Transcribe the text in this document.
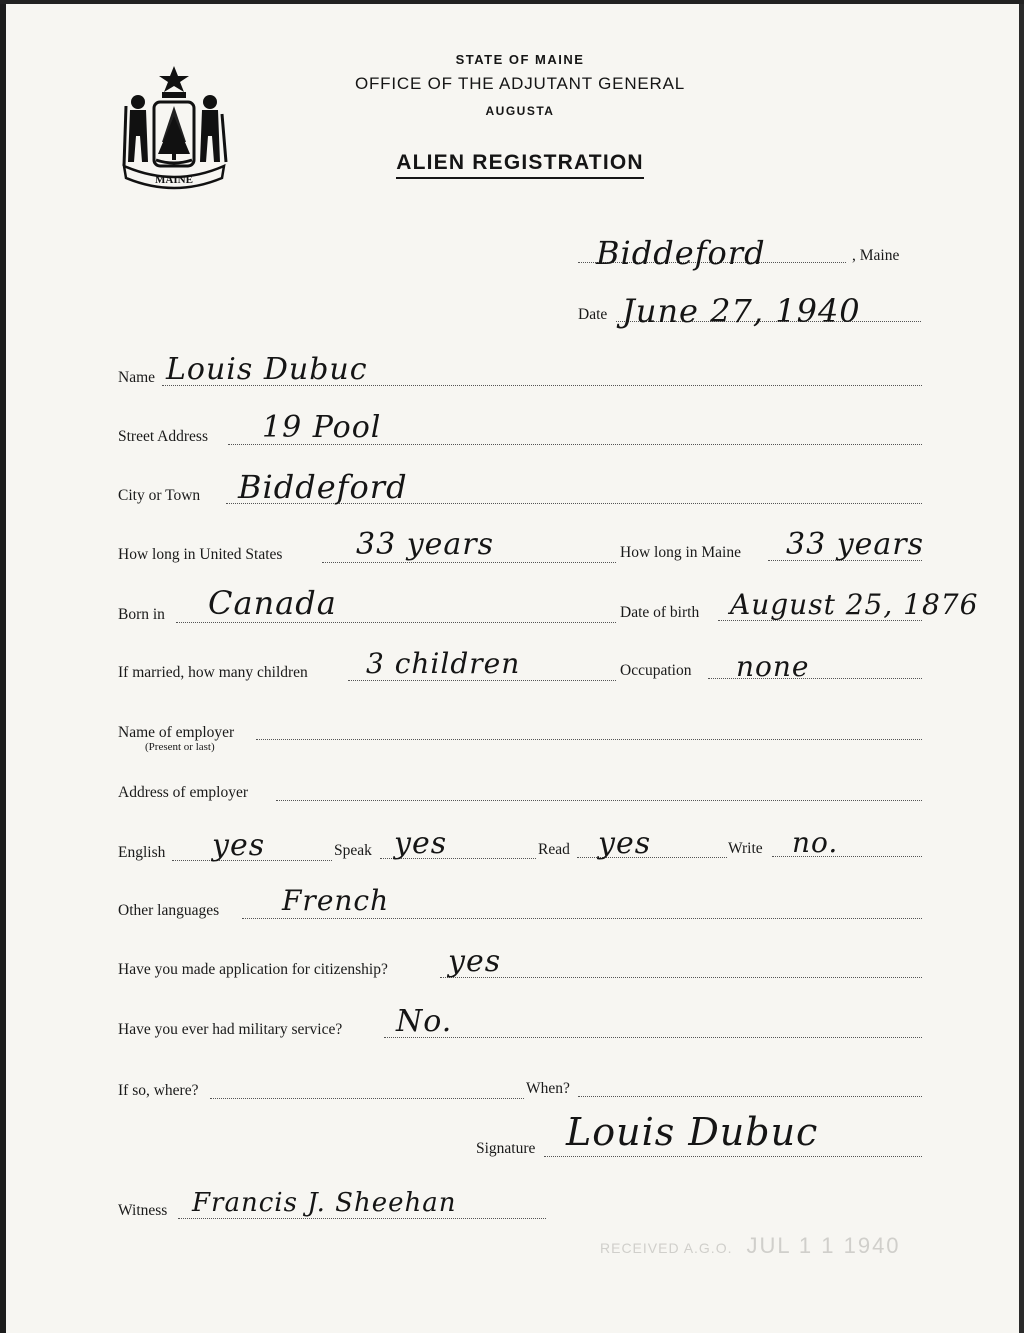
MAINE
STATE OF MAINE
OFFICE OF THE ADJUTANT GENERAL
AUGUSTA
ALIEN REGISTRATION
Biddeford	, Maine
Date June 27, 1940
Name Louis Dubuc
Street Address 19 Pool
City or Town Biddeford
How long in United States 33 years	How long in Maine 33 years
Born in Canada	Date of birth August 25, 1876
If married, how many children 3 children	Occupation none
Name of employer
(Present or last)
Address of employer
English yes	Speak yes	Read yes	Write no.
Other languages French
Have you made application for citizenship? yes
Have you ever had military service? No.
If so, where?	When?
Signature Louis Dubuc
Witness Francis J. Sheehan
RECEIVED A.G.O. JUL 1 1 1940
